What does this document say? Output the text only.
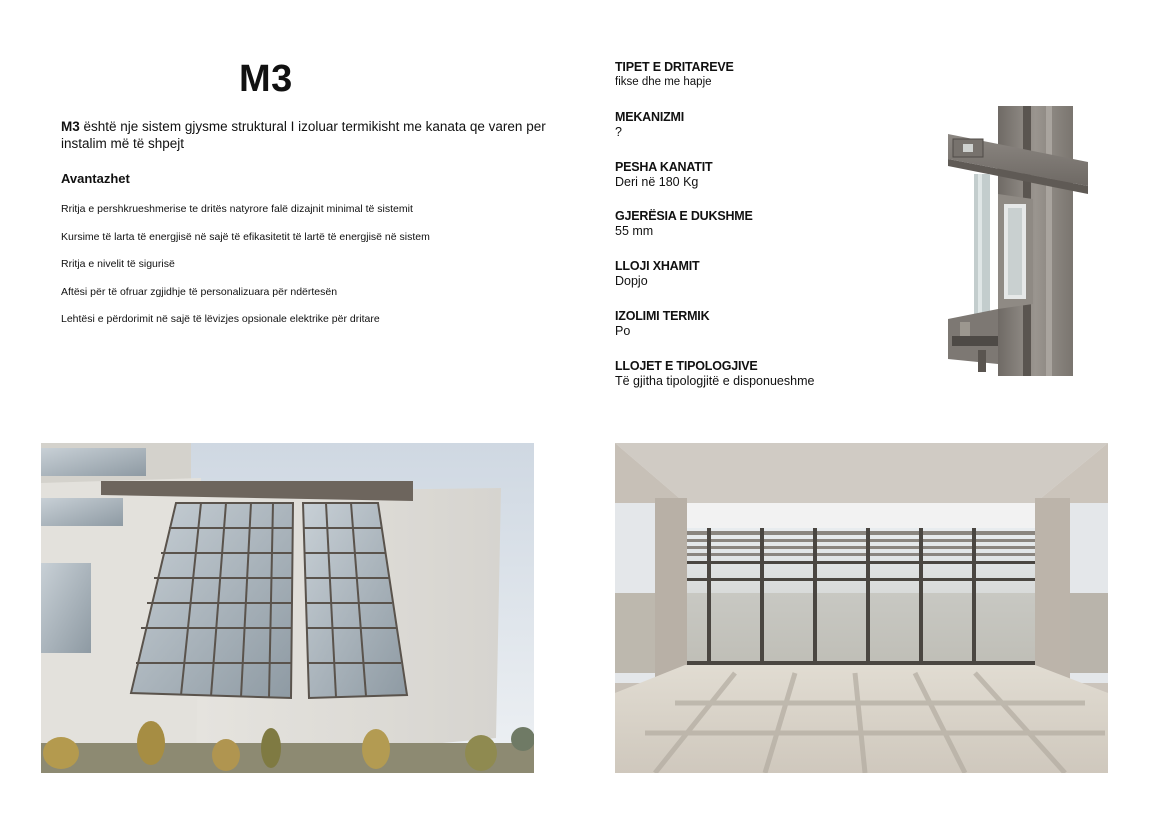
M3

M3 është nje sistem gjysme struktural I izoluar termikisht me kanata qe varen per instalim më të shpejt

Avantazhet
Rritja e pershkrueshmerise te dritës natyrore falë dizajnit minimal të sistemit
Kursime të larta të energjisë në sajë të efikasitetit të lartë të energjisë në sistem
Rritja e nivelit të sigurisë
Aftësi për të ofruar zgjidhje të personalizuara për ndërtesën
Lehtësi e përdorimit në sajë të lëvizjes opsionale elektrike për dritare
TIPET E DRITAREVE
fikse dhe me hapje
MEKANIZMI
?
PESHA KANATIT
Deri në 180 Kg
GJERËSIA E DUKSHME
55 mm
LLOJI XHAMIT
Dopjo
IZOLIMI TERMIK
Po
LLOJET E TIPOLOGJIVE
Të gjitha tipologjitë e disponueshme
